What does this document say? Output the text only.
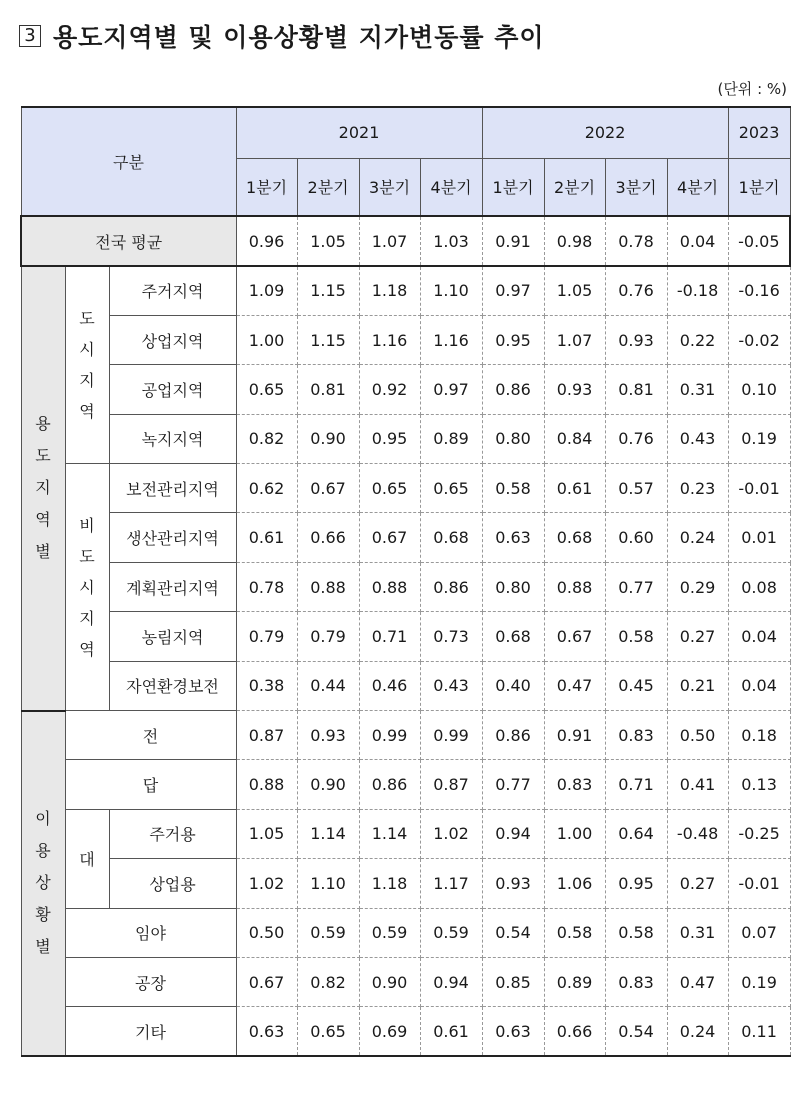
3 용도지역별 및 이용상황별 지가변동률 추이
(단위 : %)
구분			2021				2022				2023
			1분기	2분기	3분기	4분기	1분기	2분기	3분기	4분기	1분기
전국 평균			0.96	1.05	1.07	1.03	0.91	0.98	0.78	0.04	-0.05
용
도
지
역
별	도
시
지
역	주거지역	1.09	1.15	1.18	1.10	0.97	1.05	0.76	-0.18	-0.16
		상업지역	1.00	1.15	1.16	1.16	0.95	1.07	0.93	0.22	-0.02
		공업지역	0.65	0.81	0.92	0.97	0.86	0.93	0.81	0.31	0.10
		녹지지역	0.82	0.90	0.95	0.89	0.80	0.84	0.76	0.43	0.19
	비
도
시
지
역	보전관리지역	0.62	0.67	0.65	0.65	0.58	0.61	0.57	0.23	-0.01
		생산관리지역	0.61	0.66	0.67	0.68	0.63	0.68	0.60	0.24	0.01
		계획관리지역	0.78	0.88	0.88	0.86	0.80	0.88	0.77	0.29	0.08
		농림지역	0.79	0.79	0.71	0.73	0.68	0.67	0.58	0.27	0.04
		자연환경보전	0.38	0.44	0.46	0.43	0.40	0.47	0.45	0.21	0.04
이
용
상
황
별	전		0.87	0.93	0.99	0.99	0.86	0.91	0.83	0.50	0.18
	답		0.88	0.90	0.86	0.87	0.77	0.83	0.71	0.41	0.13
	대	주거용	1.05	1.14	1.14	1.02	0.94	1.00	0.64	-0.48	-0.25
		상업용	1.02	1.10	1.18	1.17	0.93	1.06	0.95	0.27	-0.01
	임야		0.50	0.59	0.59	0.59	0.54	0.58	0.58	0.31	0.07
	공장		0.67	0.82	0.90	0.94	0.85	0.89	0.83	0.47	0.19
	기타		0.63	0.65	0.69	0.61	0.63	0.66	0.54	0.24	0.11
